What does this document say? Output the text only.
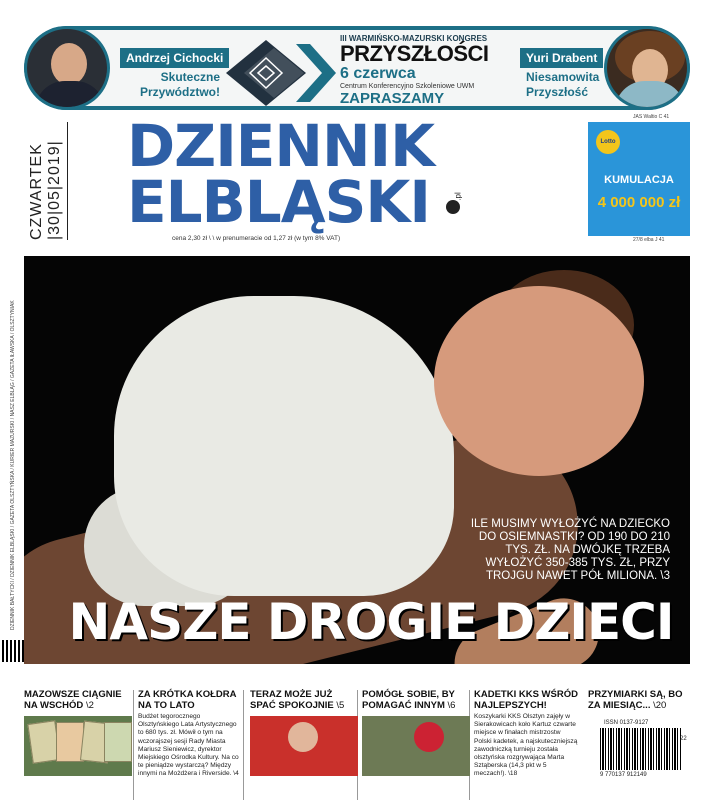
Andrzej Cichocki
Skuteczne
Przywództwo!
III WARMIŃSKO-MAZURSKI KONGRES
PRZYSZŁOŚCI
6 czerwca
Centrum Konferencyjno Szkoleniowe UWM
ZAPRASZAMY
Yuri Drabent
Niesamowita
Przyszłość
CZWARTEK |30|05|2019| DZIENNIK
ELBLĄSKI	.pl
cena 2,30 zł \ \ w prenumeracie od 1,27 zł (w tym 8% VAT)
JAS Waltio C 41
Lotto
KUMULACJA
4 000 000 zł
27/8 elba J 41
DZIENNIK BAŁTYCKI / DZIENNIK ELBLĄSKI / GAZETA OLSZTYŃSKA / KURIER MAZURSKI / NASZ ELBLĄG / GAZETA IŁAWSKA / OLSZTYNIAK	ILE MUSIMY WYŁOŻYĆ NA DZIECKO DO OSIEMNASTKI? OD 190 DO 210 TYS. ZŁ. NA DWÓJKĘ TRZEBA WYŁOŻYĆ 350-385 TYS. ZŁ, PRZY TROJGU NAWET PÓŁ MILIONA. \3
NASZE DROGIE DZIECI
MAZOWSZE CIĄGNIE NA WSCHÓD \2
ZA KRÓTKA KOŁDRA NA TO LATO
Budżet tegorocznego Olsztyńskiego Lata Artystycznego to 680 tys. zł. Mówił o tym na wczorajszej sesji Rady Miasta Mariusz Sieniewicz, dyrektor Miejskiego Ośrodka Kultury. Na co te pieniądze wystarczą? Między innymi na Możdżera i Riverside. \4
TERAZ MOŻE JUŻ SPAĆ SPOKOJNIE \5
POMÓGŁ SOBIE, BY POMAGAĆ INNYM \6
KADETKI KKS WŚRÓD NAJLEPSZYCH!
Koszykarki KKS Olsztyn zajęły w Sierakowicach koło Kartuz czwarte miejsce w finałach mistrzostw Polski kadetek, a najskuteczniejszą zawodniczką turnieju została olsztyńska rozgrywająca Marta Sztąberska (14,3 pkt w 5 meczach!). \18
PRZYMIARKI SĄ, BO ZA MIESIĄC... \20
ISSN 0137-9127
22
9 770137 912149
